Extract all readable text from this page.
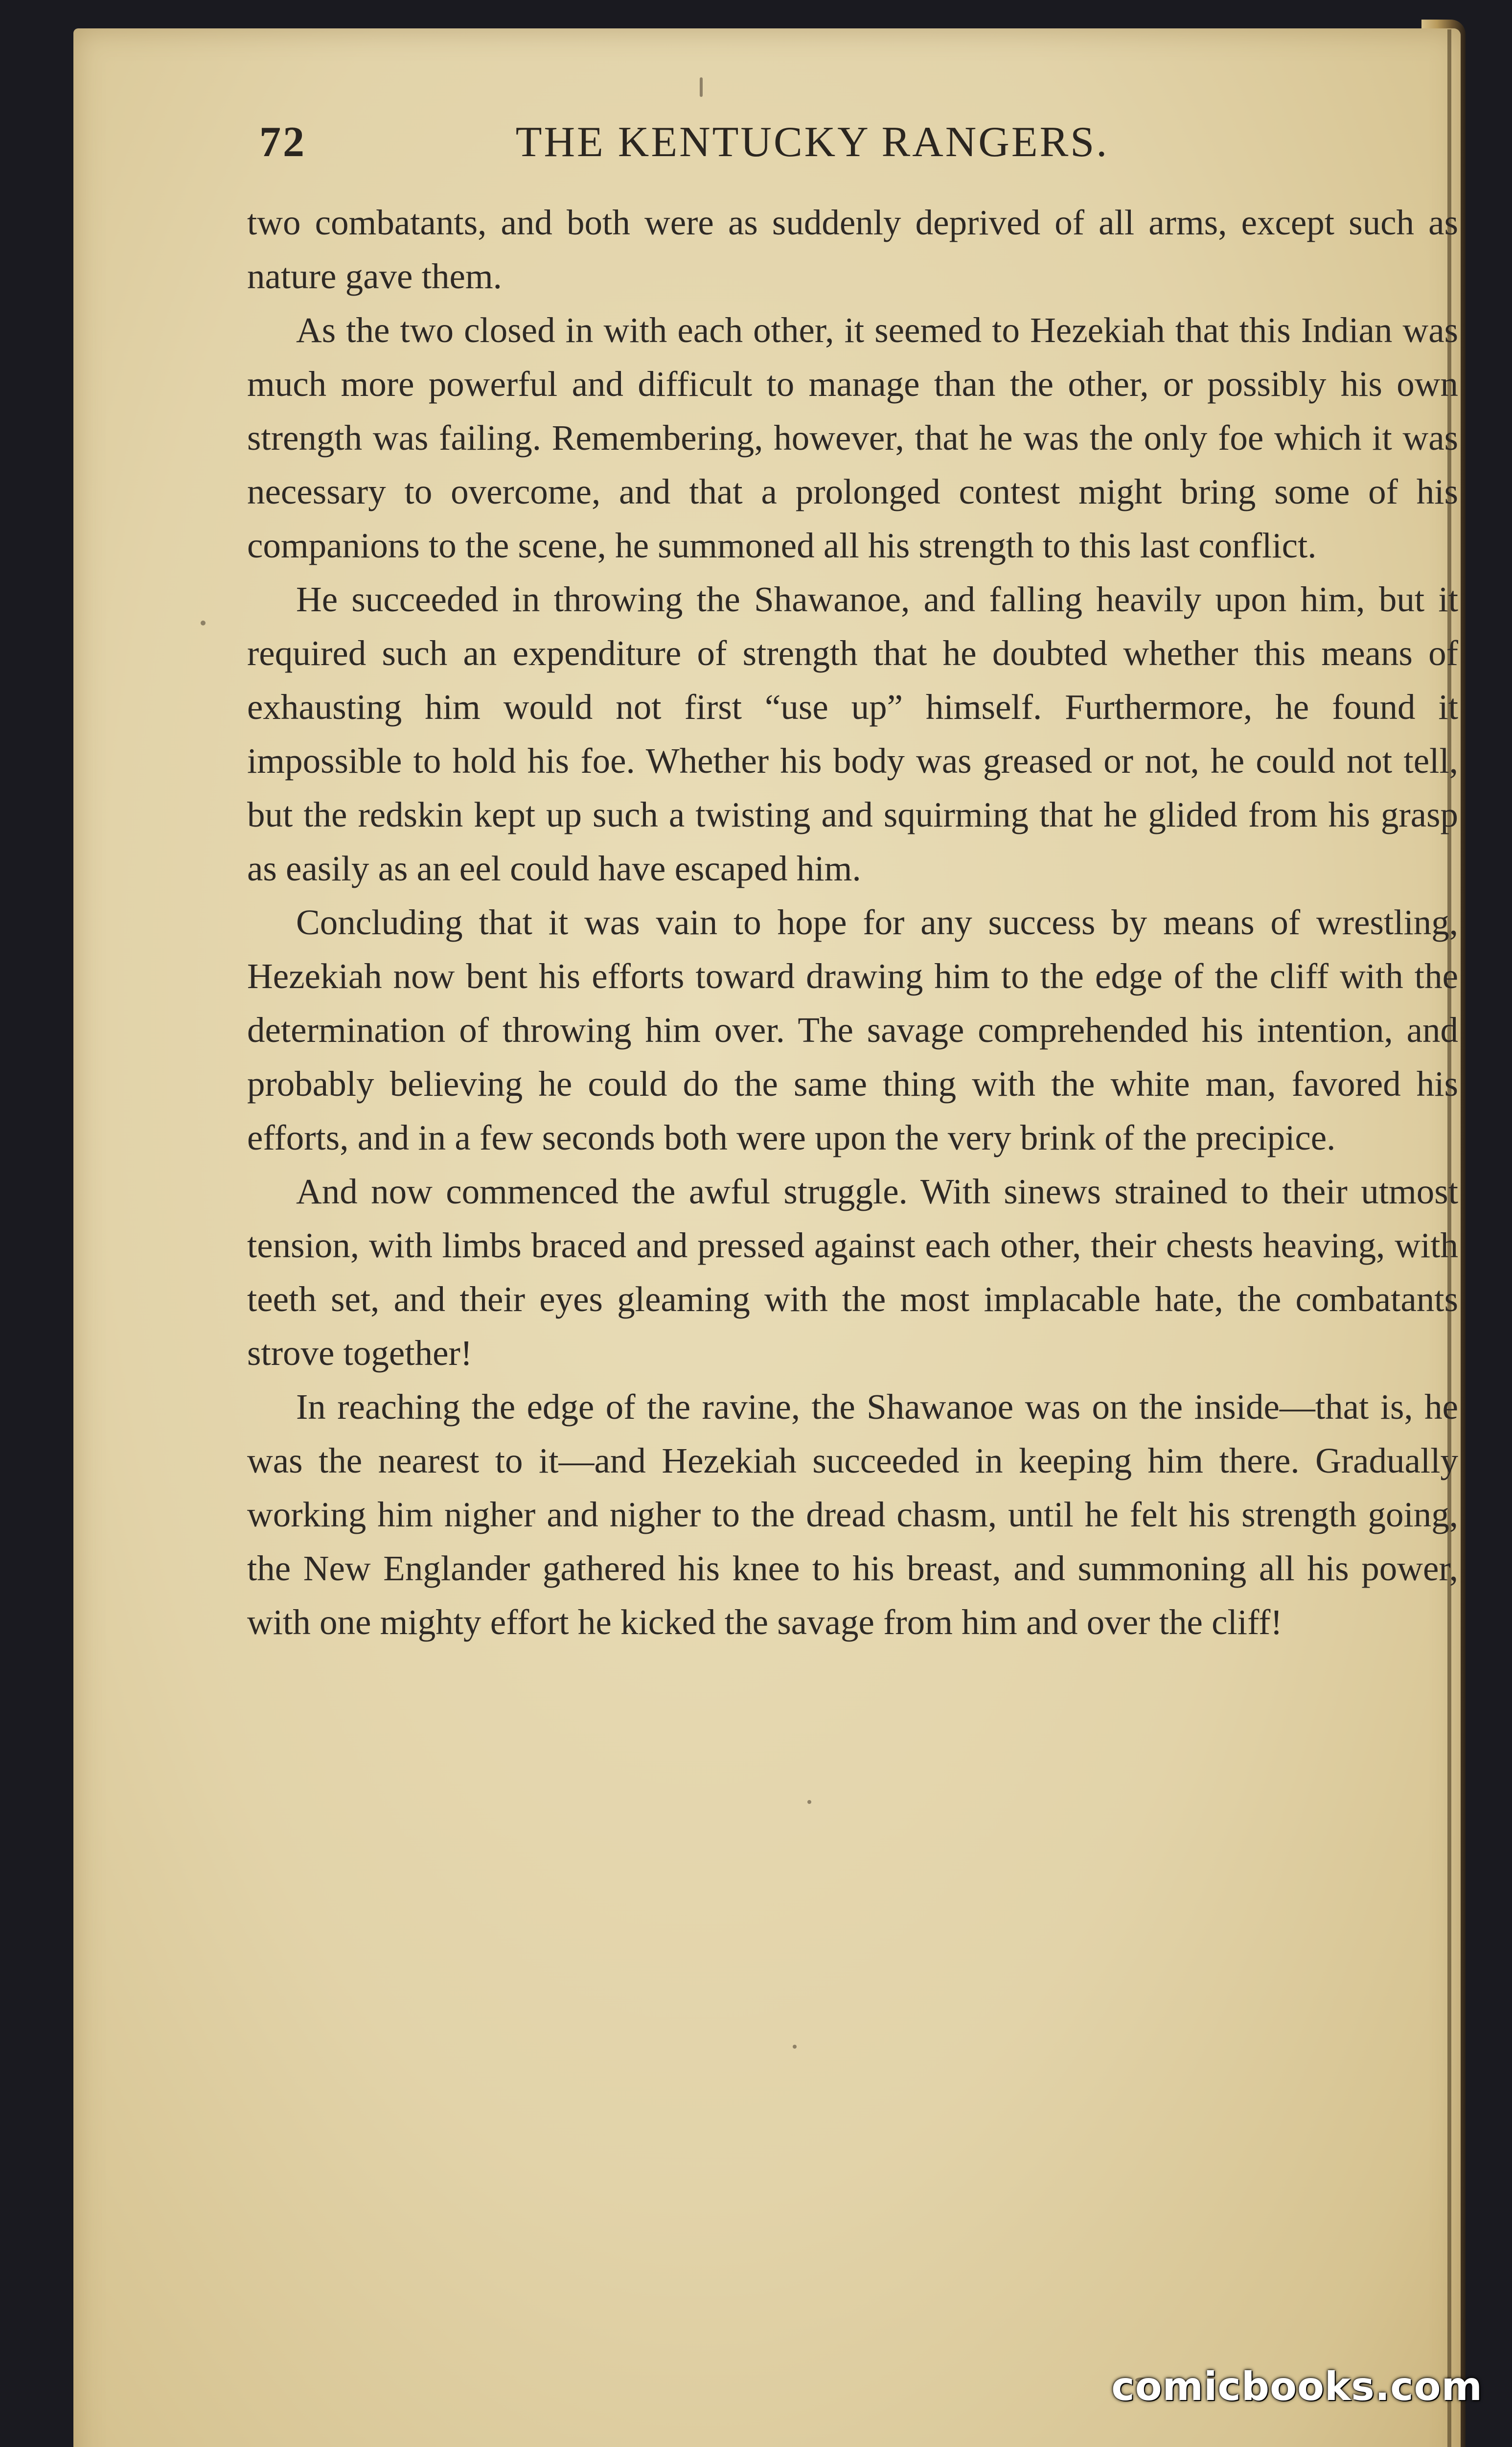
72	THE KENTUCKY RANGERS.

two combatants, and both were as suddenly deprived of all arms, except such as nature gave them.

As the two closed in with each other, it seemed to Hezekiah that this Indian was much more powerful and difficult to manage than the other, or possibly his own strength was failing. Remembering, however, that he was the only foe which it was necessary to overcome, and that a prolonged contest might bring some of his companions to the scene, he summoned all his strength to this last conflict.

He succeeded in throwing the Shawanoe, and falling heavily upon him, but it required such an expenditure of strength that he doubted whether this means of exhausting him would not first “use up” himself. Furthermore, he found it impossible to hold his foe. Whether his body was greased or not, he could not tell, but the redskin kept up such a twisting and squirming that he glided from his grasp as easily as an eel could have escaped him.

Concluding that it was vain to hope for any success by means of wrestling, Hezekiah now bent his efforts toward drawing him to the edge of the cliff with the determination of throwing him over. The savage comprehended his intention, and probably believing he could do the same thing with the white man, favored his efforts, and in a few seconds both were upon the very brink of the precipice.

And now commenced the awful struggle. With sinews strained to their utmost tension, with limbs braced and pressed against each other, their chests heaving, with teeth set, and their eyes gleaming with the most implacable hate, the combatants strove together!

In reaching the edge of the ravine, the Shawanoe was on the inside—that is, he was the nearest to it—and Hezekiah succeeded in keeping him there. Gradually working him nigher and nigher to the dread chasm, until he felt his strength going, the New Englander gathered his knee to his breast, and summoning all his power, with one mighty effort he kicked the savage from him and over the cliff!

comicbooks.com
